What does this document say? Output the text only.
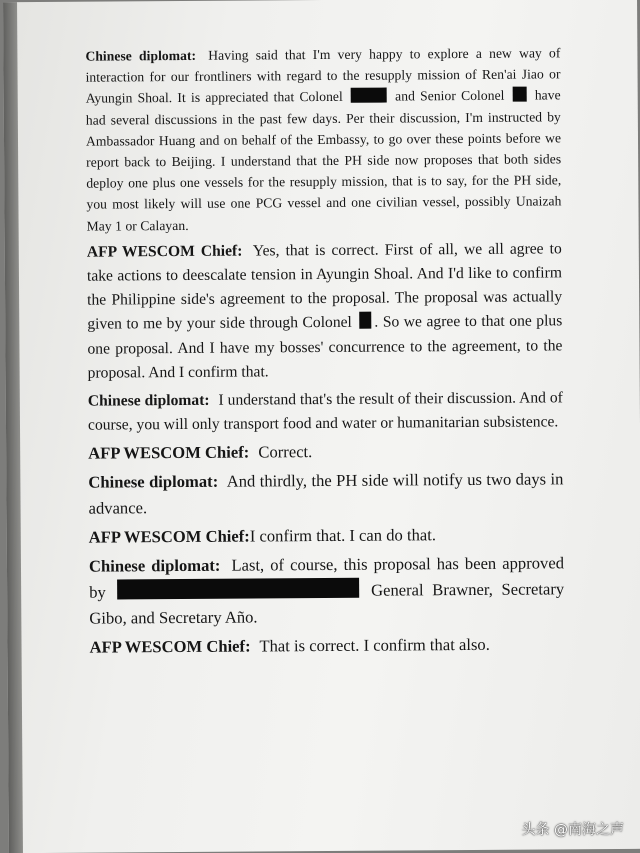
Chinese diplomat: Having said that I'm very happy to explore a new way of interaction for our frontliners with regard to the resupply mission of Ren'ai Jiao or Ayungin Shoal. It is appreciated that Colonel	and Senior Colonel have had several discussions in the past few days. Per their discussion, I'm instructed by Ambassador Huang and on behalf of the Embassy, to go over these points before we report back to Beijing. I understand that the PH side now proposes that both sides deploy one plus one vessels for the resupply mission, that is to say, for the PH side, you most likely will use one PCG vessel and one civilian vessel, possibly Unaizah May 1 or Calayan.

AFP WESCOM Chief: Yes, that is correct. First of all, we all agree to take actions to deescalate tension in Ayungin Shoal. And I'd like to confirm the Philippine side's agreement to the proposal. The proposal was actually given to me by your side through Colonel . So we agree to that one plus one proposal. And I have my bosses' concurrence to the agreement, to the proposal. And I confirm that.

Chinese diplomat: I understand that's the result of their discussion. And of course, you will only transport food and water or humanitarian subsistence.

AFP WESCOM Chief: Correct.

Chinese diplomat: And thirdly, the PH side will notify us two days in advance.

AFP WESCOM Chief:I confirm that. I can do that.

Chinese diplomat: Last, of course, this proposal has been approved by	General Brawner, Secretary Gibo, and Secretary Año.

AFP WESCOM Chief: That is correct. I confirm that also.

头条 @南海之声
